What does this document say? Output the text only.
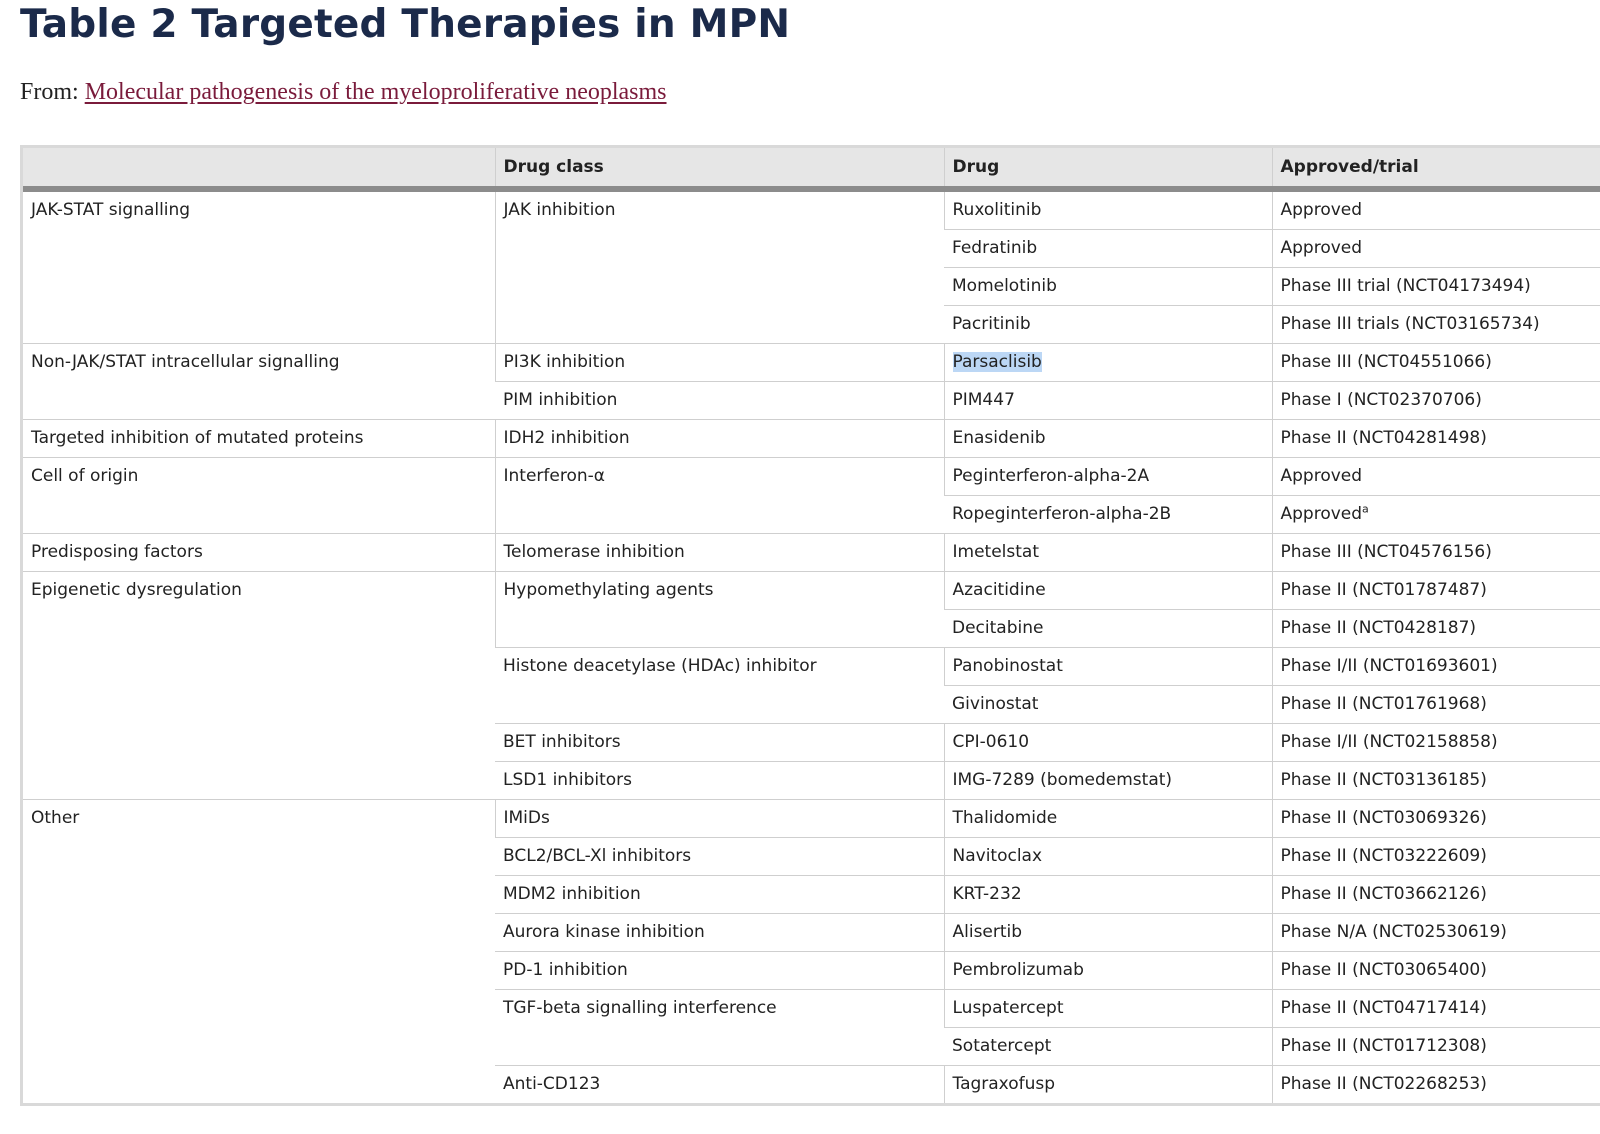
Table 2 Targeted Therapies in MPN
From: Molecular pathogenesis of the myeloproliferative neoplasms
	Drug class	Drug	Approved/trial
JAK-STAT signalling	JAK inhibition	Ruxolitinib	Approved
		Fedratinib	Approved
		Momelotinib	Phase III trial (NCT04173494)
		Pacritinib	Phase III trials (NCT03165734)
Non-JAK/STAT intracellular signalling	PI3K inhibition	Parsaclisib	Phase III (NCT04551066)
	PIM inhibition	PIM447	Phase I (NCT02370706)
Targeted inhibition of mutated proteins	IDH2 inhibition	Enasidenib	Phase II (NCT04281498)
Cell of origin	Interferon-α	Peginterferon-alpha-2A	Approved
		Ropeginterferon-alpha-2B	Approved$^a$
Predisposing factors	Telomerase inhibition	Imetelstat	Phase III (NCT04576156)
Epigenetic dysregulation	Hypomethylating agents	Azacitidine	Phase II (NCT01787487)
		Decitabine	Phase II (NCT0428187)
	Histone deacetylase (HDAc) inhibitor	Panobinostat	Phase I/II (NCT01693601)
		Givinostat	Phase II (NCT01761968)
	BET inhibitors	CPI-0610	Phase I/II (NCT02158858)
	LSD1 inhibitors	IMG-7289 (bomedemstat)	Phase II (NCT03136185)
Other	IMiDs	Thalidomide	Phase II (NCT03069326)
	BCL2/BCL-Xl inhibitors	Navitoclax	Phase II (NCT03222609)
	MDM2 inhibition	KRT-232	Phase II (NCT03662126)
	Aurora kinase inhibition	Alisertib	Phase N/A (NCT02530619)
	PD-1 inhibition	Pembrolizumab	Phase II (NCT03065400)
	TGF-beta signalling interference	Luspatercept	Phase II (NCT04717414)
		Sotatercept	Phase II (NCT01712308)
	Anti-CD123	Tagraxofusp	Phase II (NCT02268253)
